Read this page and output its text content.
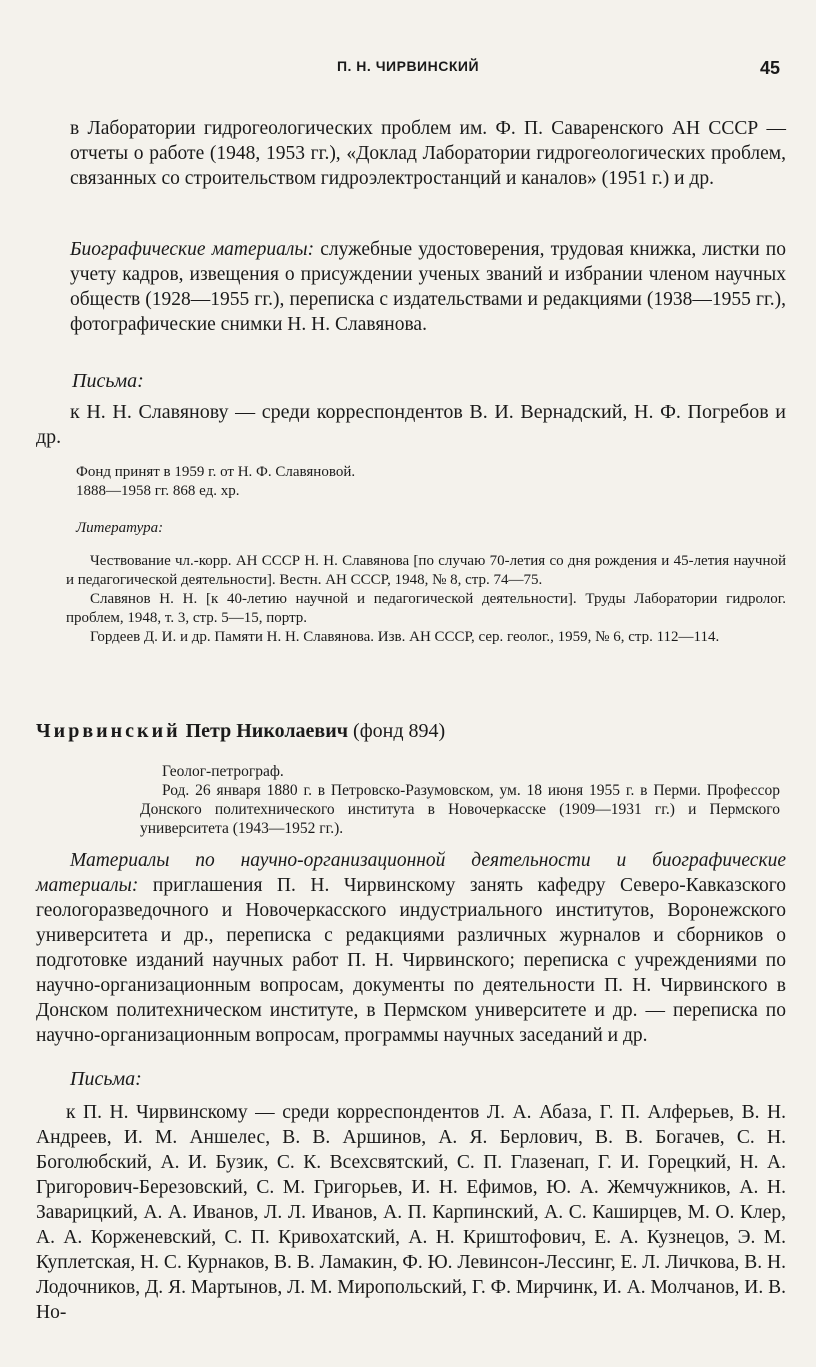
П. Н. ЧИРВИНСКИЙ	45

в Лаборатории гидрогеологических проблем им. Ф. П. Саваренского АН СССР — отчеты о работе (1948, 1953 гг.), «Доклад Лаборатории гидрогеологических проблем, связанных со строительством гидроэлектростанций и каналов» (1951 г.) и др.

Биографические материалы: служебные удостоверения, трудовая книжка, листки по учету кадров, извещения о присуждении ученых званий и избрании членом научных обществ (1928—1955 гг.), переписка с издательствами и редакциями (1938—1955 гг.), фотографические снимки Н. Н. Славянова.

Письма:

к Н. Н. Славянову — среди корреспондентов В. И. Вернадский, Н. Ф. Погребов и др.

Фонд принят в 1959 г. от Н. Ф. Славяновой.
1888—1958 гг. 868 ед. хр.
Литература:
Чествование чл.-корр. АН СССР Н. Н. Славянова [по случаю 70-летия со дня рождения и 45-летия научной и педагогической деятельности]. Вестн. АН СССР, 1948, № 8, стр. 74—75.
Славянов Н. Н. [к 40-летию научной и педагогической деятельности]. Труды Лаборатории гидролог. проблем, 1948, т. 3, стр. 5—15, портр.
Гордеев Д. И. и др. Памяти Н. Н. Славянова. Изв. АН СССР, сер. геолог., 1959, № 6, стр. 112—114.
Чирвинский Петр Николаевич (фонд 894)
Геолог-петрограф.
Род. 26 января 1880 г. в Петровско-Разумовском, ум. 18 июня 1955 г. в Перми. Профессор Донского политехнического института в Новочеркасске (1909—1931 гг.) и Пермского университета (1943—1952 гг.).

Материалы по научно-организационной деятельности и биографические материалы: приглашения П. Н. Чирвинскому занять кафедру Северо-Кавказского геологоразведочного и Новочеркасского индустриального институтов, Воронежского университета и др., переписка с редакциями различных журналов и сборников о подготовке изданий научных работ П. Н. Чирвинского; переписка с учреждениями по научно-организационным вопросам, документы по деятельности П. Н. Чирвинского в Донском политехническом институте, в Пермском университете и др. — переписка по научно-организационным вопросам, программы научных заседаний и др.

Письма:

к П. Н. Чирвинскому — среди корреспондентов Л. А. Абаза, Г. П. Алферьев, В. Н. Андреев, И. М. Аншелес, В. В. Аршинов, А. Я. Берлович, В. В. Богачев, С. Н. Боголюбский, А. И. Бузик, С. К. Всехсвятский, С. П. Глазенап, Г. И. Горецкий, Н. А. Григорович-Березовский, С. М. Григорьев, И. Н. Ефимов, Ю. А. Жемчужников, А. Н. Заварицкий, А. А. Иванов, Л. Л. Иванов, А. П. Карпинский, А. С. Каширцев, М. О. Клер, А. А. Корженевский, С. П. Кривохатский, А. Н. Криштофович, Е. А. Кузнецов, Э. М. Куплетская, Н. С. Курнаков, В. В. Ламакин, Ф. Ю. Левинсон-Лессинг, Е. Л. Личкова, В. Н. Лодочников, Д. Я. Мартынов, Л. М. Миропольский, Г. Ф. Мирчинк, И. А. Молчанов, И. В. Но-
